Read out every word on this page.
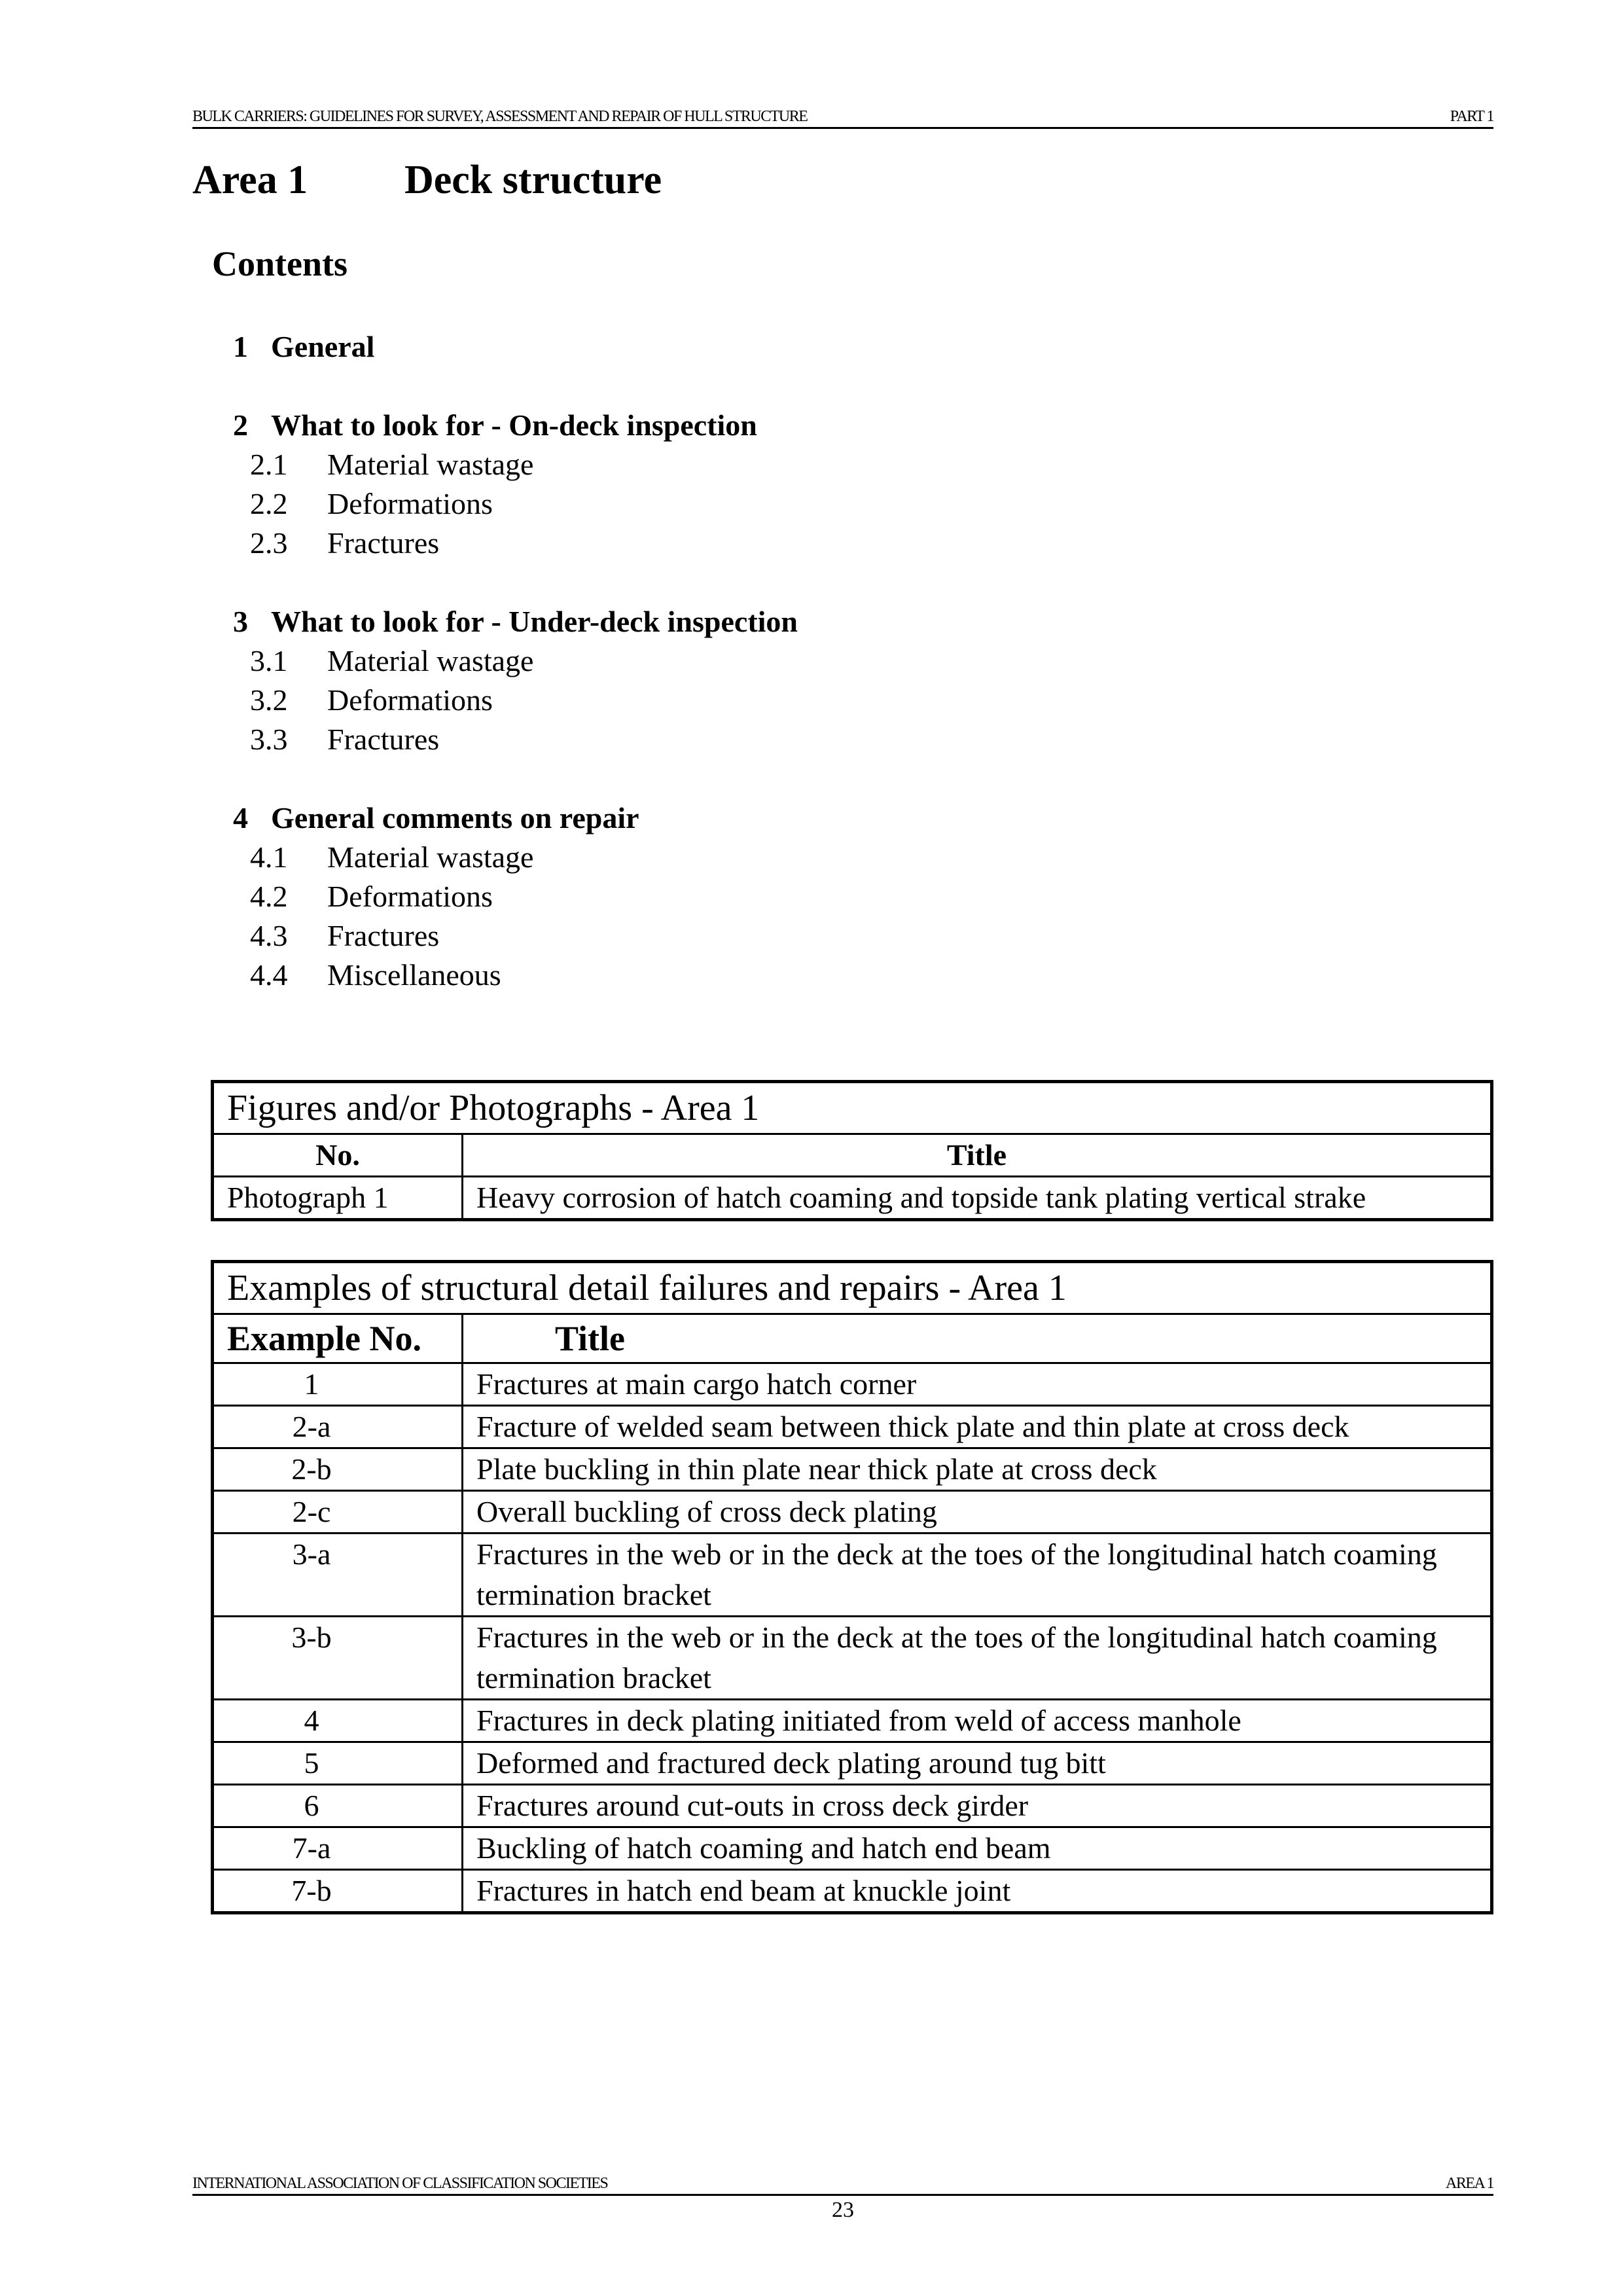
BULK CARRIERS: GUIDELINES FOR SURVEY, ASSESSMENT AND REPAIR OF HULL STRUCTURE	PART 1
Area 1 Deck structure
Contents
1 General
2 What to look for - On-deck inspection
2.1 Material wastage
2.2 Deformations
2.3 Fractures
3 What to look for - Under-deck inspection
3.1 Material wastage
3.2 Deformations
3.3 Fractures
4 General comments on repair
4.1 Material wastage
4.2 Deformations
4.3 Fractures
4.4 Miscellaneous
Figures and/or Photographs - Area 1	
No.	Title
Photograph 1	Heavy corrosion of hatch coaming and topside tank plating vertical strake
Examples of structural detail failures and repairs - Area 1	
Example No.	Title
1	Fractures at main cargo hatch corner
2-a	Fracture of welded seam between thick plate and thin plate at cross deck
2-b	Plate buckling in thin plate near thick plate at cross deck
2-c	Overall buckling of cross deck plating
3-a	Fractures in the web or in the deck at the toes of the longitudinal hatch coaming termination bracket
3-b	Fractures in the web or in the deck at the toes of the longitudinal hatch coaming termination bracket
4	Fractures in deck plating initiated from weld of access manhole
5	Deformed and fractured deck plating around tug bitt
6	Fractures around cut-outs in cross deck girder
7-a	Buckling of hatch coaming and hatch end beam
7-b	Fractures in hatch end beam at knuckle joint
INTERNATIONAL ASSOCIATION OF CLASSIFICATION SOCIETIES	AREA 1
23
